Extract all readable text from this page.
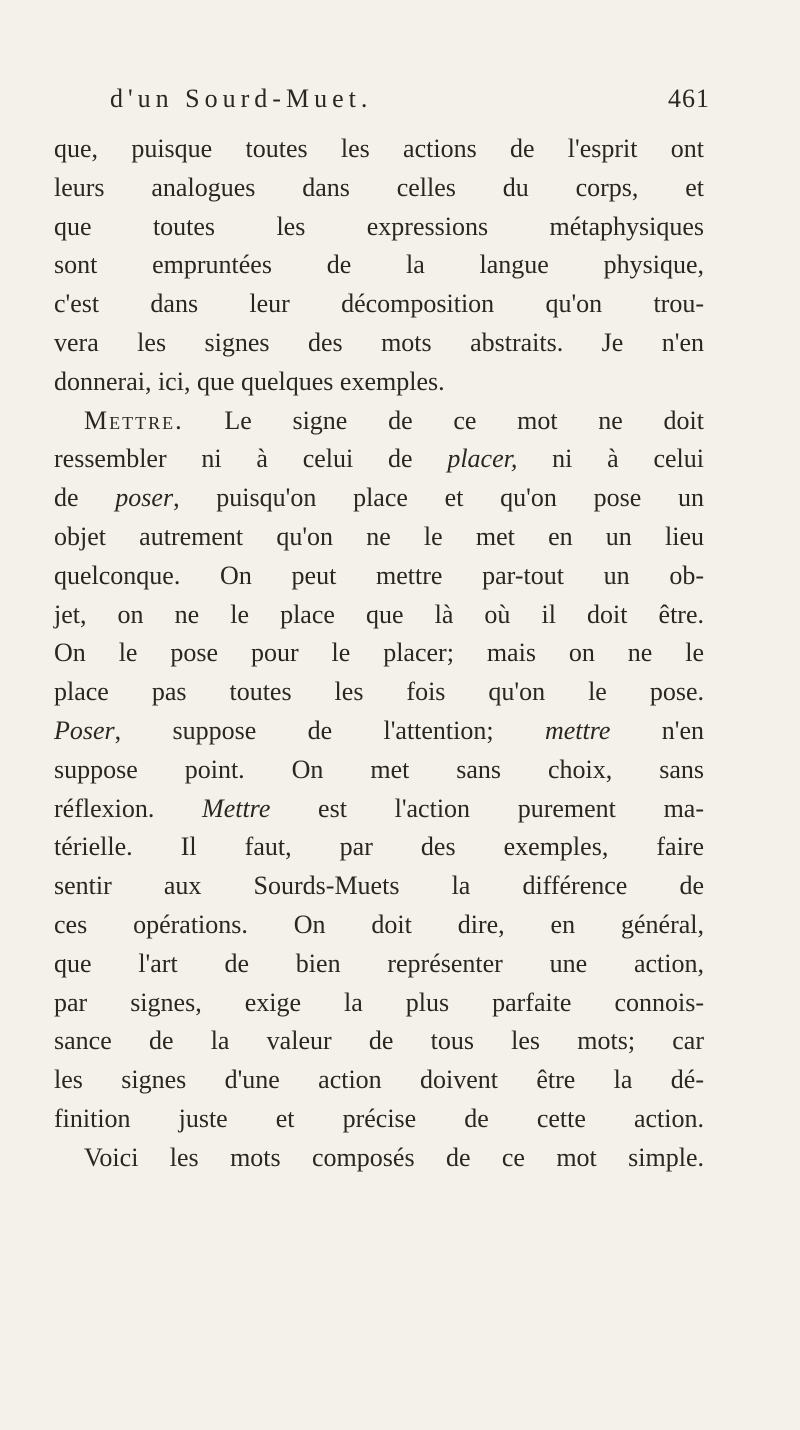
d'un Sourd-Muet.	461
que, puisque toutes les actions de l'esprit ont
leurs analogues dans celles du corps, et
que toutes les expressions métaphysiques
sont empruntées de la langue physique,
c'est dans leur décomposition qu'on trou-
vera les signes des mots abstraits. Je n'en
donnerai, ici, que quelques exemples.
Mettre. Le signe de ce mot ne doit
ressembler ni à celui de placer, ni à celui
de poser, puisqu'on place et qu'on pose un
objet autrement qu'on ne le met en un lieu
quelconque. On peut mettre par-tout un ob-
jet, on ne le place que là où il doit être.
On le pose pour le placer; mais on ne le
place pas toutes les fois qu'on le pose.
Poser, suppose de l'attention; mettre n'en
suppose point. On met sans choix, sans
réflexion. Mettre est l'action purement ma-
térielle. Il faut, par des exemples, faire
sentir aux Sourds-Muets la différence de
ces opérations. On doit dire, en général,
que l'art de bien représenter une action,
par signes, exige la plus parfaite connois-
sance de la valeur de tous les mots; car
les signes d'une action doivent être la dé-
finition juste et précise de cette action.
Voici les mots composés de ce mot simple.
